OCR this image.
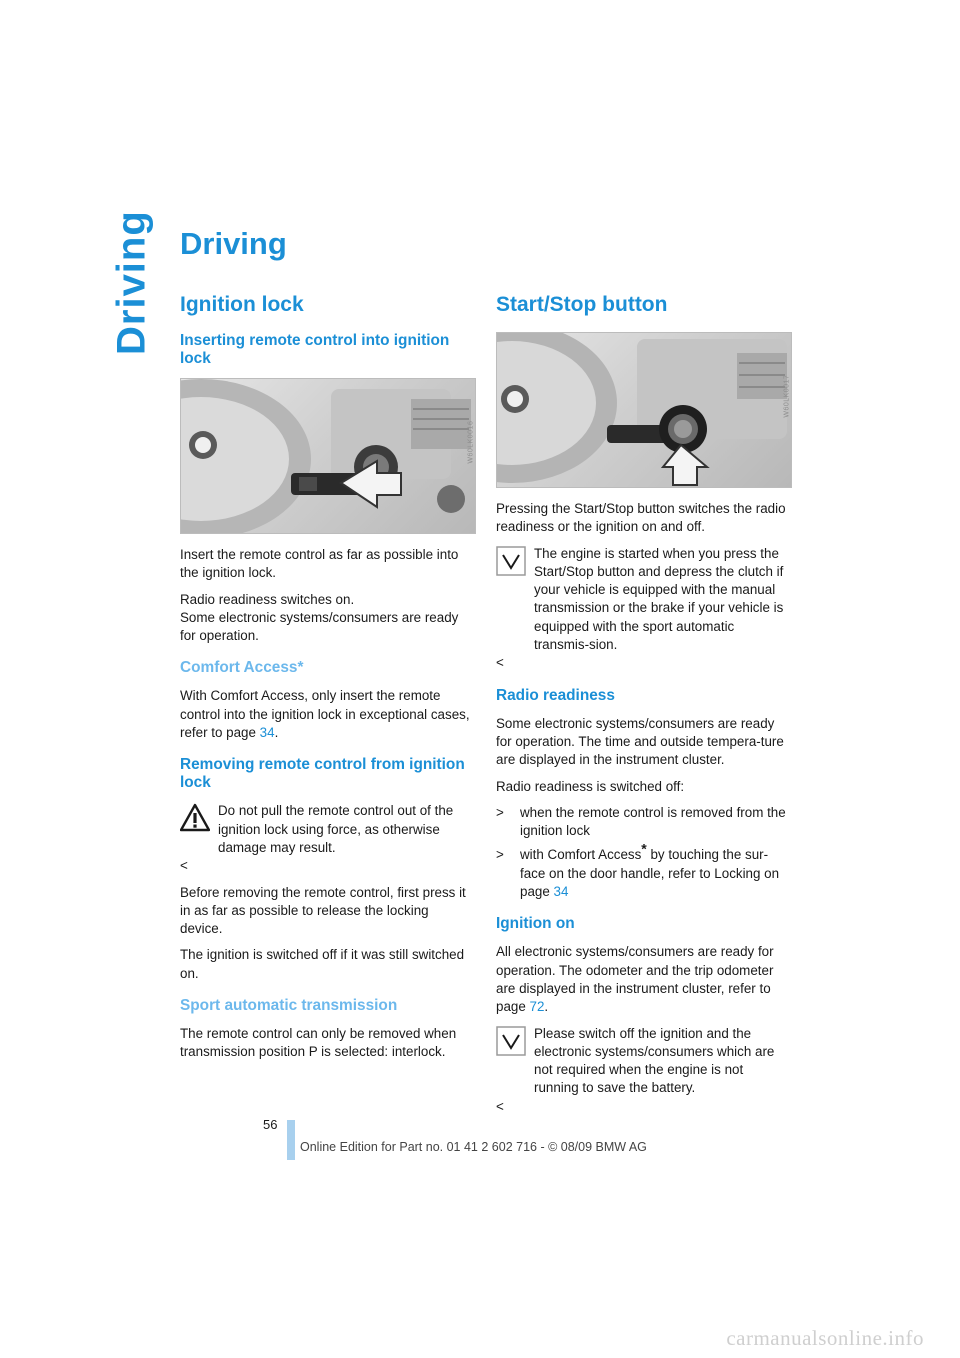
Driving Driving
Ignition lock
Inserting remote control into ignition lock
W60LK0016

Insert the remote control as far as possible into the ignition lock.

Radio readiness switches on.

Some electronic systems/consumers are ready for operation.

Comfort Access*

With Comfort Access, only insert the remote control into the ignition lock in exceptional cases, refer to page 34.

Removing remote control from ignition lock
Do not pull the remote control out of the ignition lock using force, as otherwise damage may result.
<

Before removing the remote control, first press it in as far as possible to release the locking device.

The ignition is switched off if it was still switched on.

Sport automatic transmission

The remote control can only be removed when transmission position P is selected: interlock.

Start/Stop button
W60LK0017

Pressing the Start/Stop button switches the radio readiness or the ignition on and off.

The engine is started when you press the Start/Stop button and depress the clutch if your vehicle is equipped with the manual transmission or the brake if your vehicle is equipped with the sport automatic transmis-sion.
<
Radio readiness

Some electronic systems/consumers are ready for operation. The time and outside tempera-ture are displayed in the instrument cluster.

Radio readiness is switched off:

> when the remote control is removed from the ignition lock
> with Comfort Access* by touching the sur-face on the door handle, refer to Locking on page 34
Ignition on

All electronic systems/consumers are ready for operation. The odometer and the trip odometer are displayed in the instrument cluster, refer to page 72.

Please switch off the ignition and the electronic systems/consumers which are not required when the engine is not running to save the battery.
<
56
Online Edition for Part no. 01 41 2 602 716 - © 08/09 BMW AG
carmanualsonline.info
